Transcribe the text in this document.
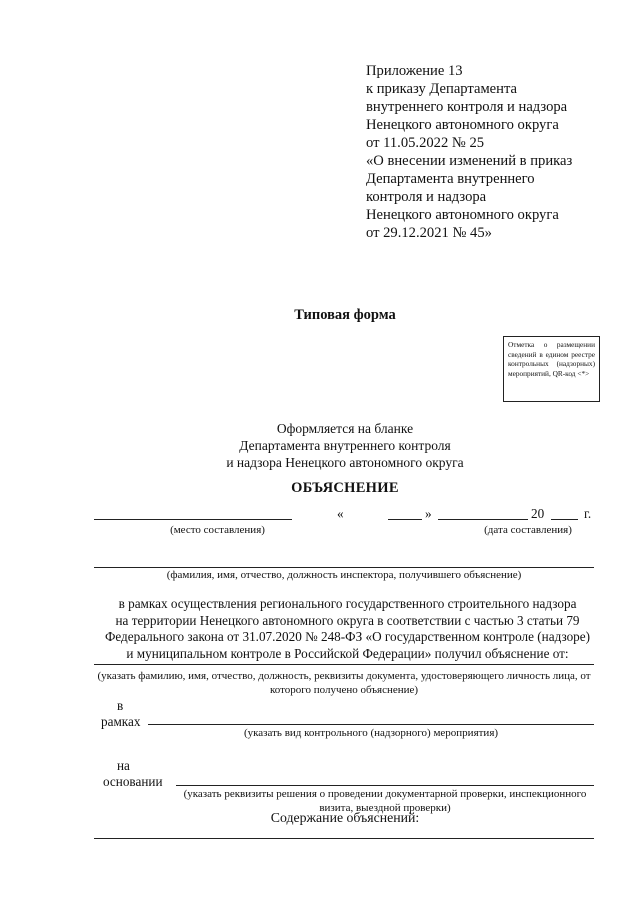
Приложение 13
к приказу Департамента
внутреннего контроля и надзора
Ненецкого автономного округа
от 11.05.2022 № 25
«О внесении изменений в приказ
Департамента внутреннего
контроля и надзора
Ненецкого автономного округа
от 29.12.2021 № 45»
Типовая форма
Отметка о размещении сведений в едином реестре контрольных (надзорных) мероприятий, QR-код <*>
Оформляется на бланке
Департамента внутреннего контроля
и надзора Ненецкого автономного округа
ОБЪЯСНЕНИЕ
«	»	20	г.
(место составления)	(дата составления)
(фамилия, имя, отчество, должность инспектора, получившего объяснение)
в рамках осуществления регионального государственного строительного надзора
на территории Ненецкого автономного округа в соответствии с частью 3 статьи 79
Федерального закона от 31.07.2020 № 248-ФЗ «О государственном контроле (надзоре)
и муниципальном контроле в Российской Федерации» получил объяснение от:
(указать фамилию, имя, отчество, должность, реквизиты документа, удостоверяющего личность лица, от
которого получено объяснение)
в
рамках
(указать вид контрольного (надзорного) мероприятия)
на
основании
(указать реквизиты решения о проведении документарной проверки, инспекционного
визита, выездной проверки)
Содержание объяснений:
